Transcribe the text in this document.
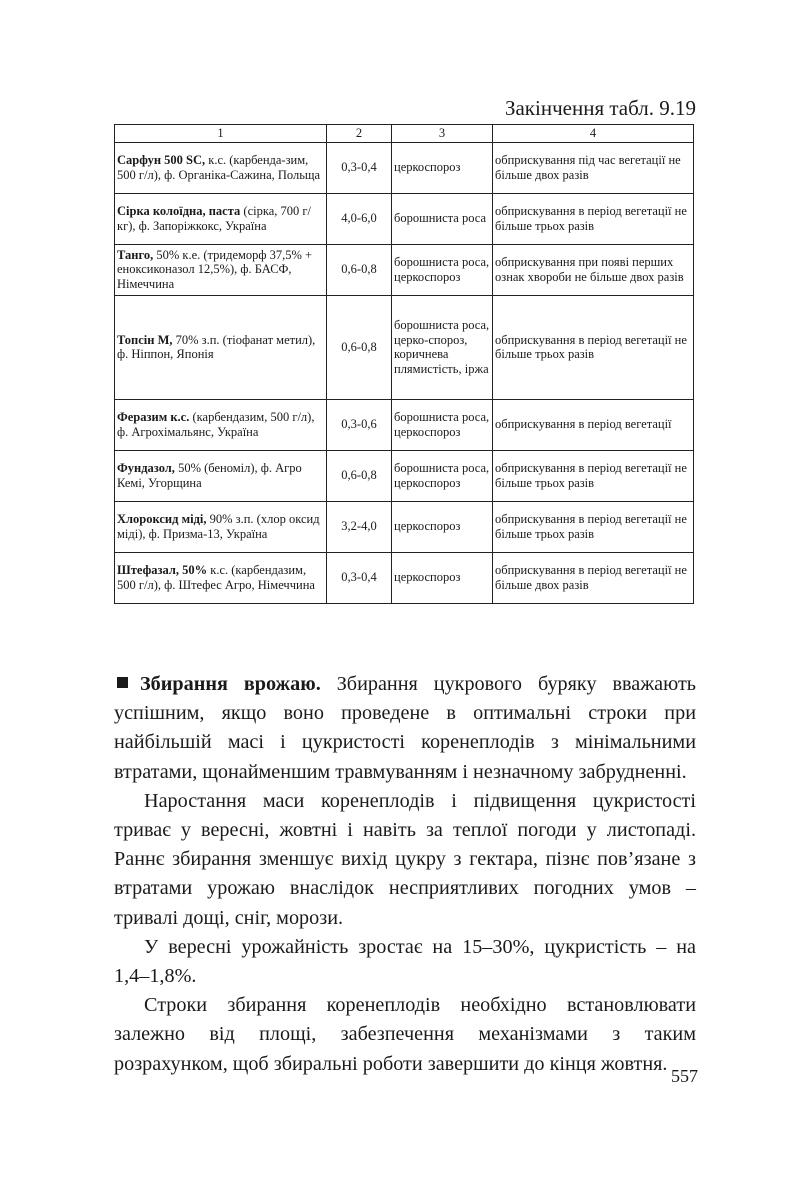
Закінчення табл. 9.19
1	2	3	4
Сарфун 500 SC, к.с. (карбенда-зим, 500 г/л), ф. Органіка-Сажина, Польща	0,3-0,4	церкоспороз	обприскування під час вегетації не більше двох разів
Сірка колоїдна, паста (сірка, 700 г/кг), ф. Запоріжкокс, Україна	4,0-6,0	борошниста роса	обприскування в період вегетації не більше трьох разів
Танго, 50% к.е. (тридеморф 37,5% + еноксиконазол 12,5%), ф. БАСФ, Німеччина	0,6-0,8	борошниста роса, церкоспороз	обприскування при появі перших ознак хвороби не більше двох разів
Топсін М, 70% з.п. (тіофанат метил), ф. Ніппон, Японія	0,6-0,8	борошниста роса, церко-спороз, коричнева плямистість, іржа	обприскування в період вегетації не більше трьох разів
Феразим к.с. (карбендазим, 500 г/л), ф. Агрохімальянс, Україна	0,3-0,6	борошниста роса, церкоспороз	обприскування в період вегетації
Фундазол, 50% (беноміл), ф. Агро Кемі, Угорщина	0,6-0,8	борошниста роса, церкоспороз	обприскування в період вегетації не більше трьох разів
Хлороксид міді, 90% з.п. (хлор оксид міді), ф. Призма-13, Україна	3,2-4,0	церкоспороз	обприскування в період вегетації не більше трьох разів
Штефазал, 50% к.с. (карбендазим, 500 г/л), ф. Штефес Агро, Німеччина	0,3-0,4	церкоспороз	обприскування в період вегетації не більше двох разів

Збирання врожаю. Збирання цукрового буряку вважають успішним, якщо воно проведене в оптимальні строки при найбільшій масі і цукристості коренеплодів з мінімальними втратами, щонайменшим травмуванням і незначному забрудненні.

Наростання маси коренеплодів і підвищення цукристості триває у вересні, жовтні і навіть за теплої погоди у листопаді. Раннє збирання зменшує вихід цукру з гектара, пізнє пов’язане з втратами урожаю внаслідок несприятливих погодних умов – тривалі дощі, сніг, морози.

У вересні урожайність зростає на 15–30%, цукристість – на 1,4–1,8%.

Строки збирання коренеплодів необхідно встановлювати залежно від площі, забезпечення механізмами з таким розрахунком, щоб збиральні роботи завершити до кінця жовтня.

557
